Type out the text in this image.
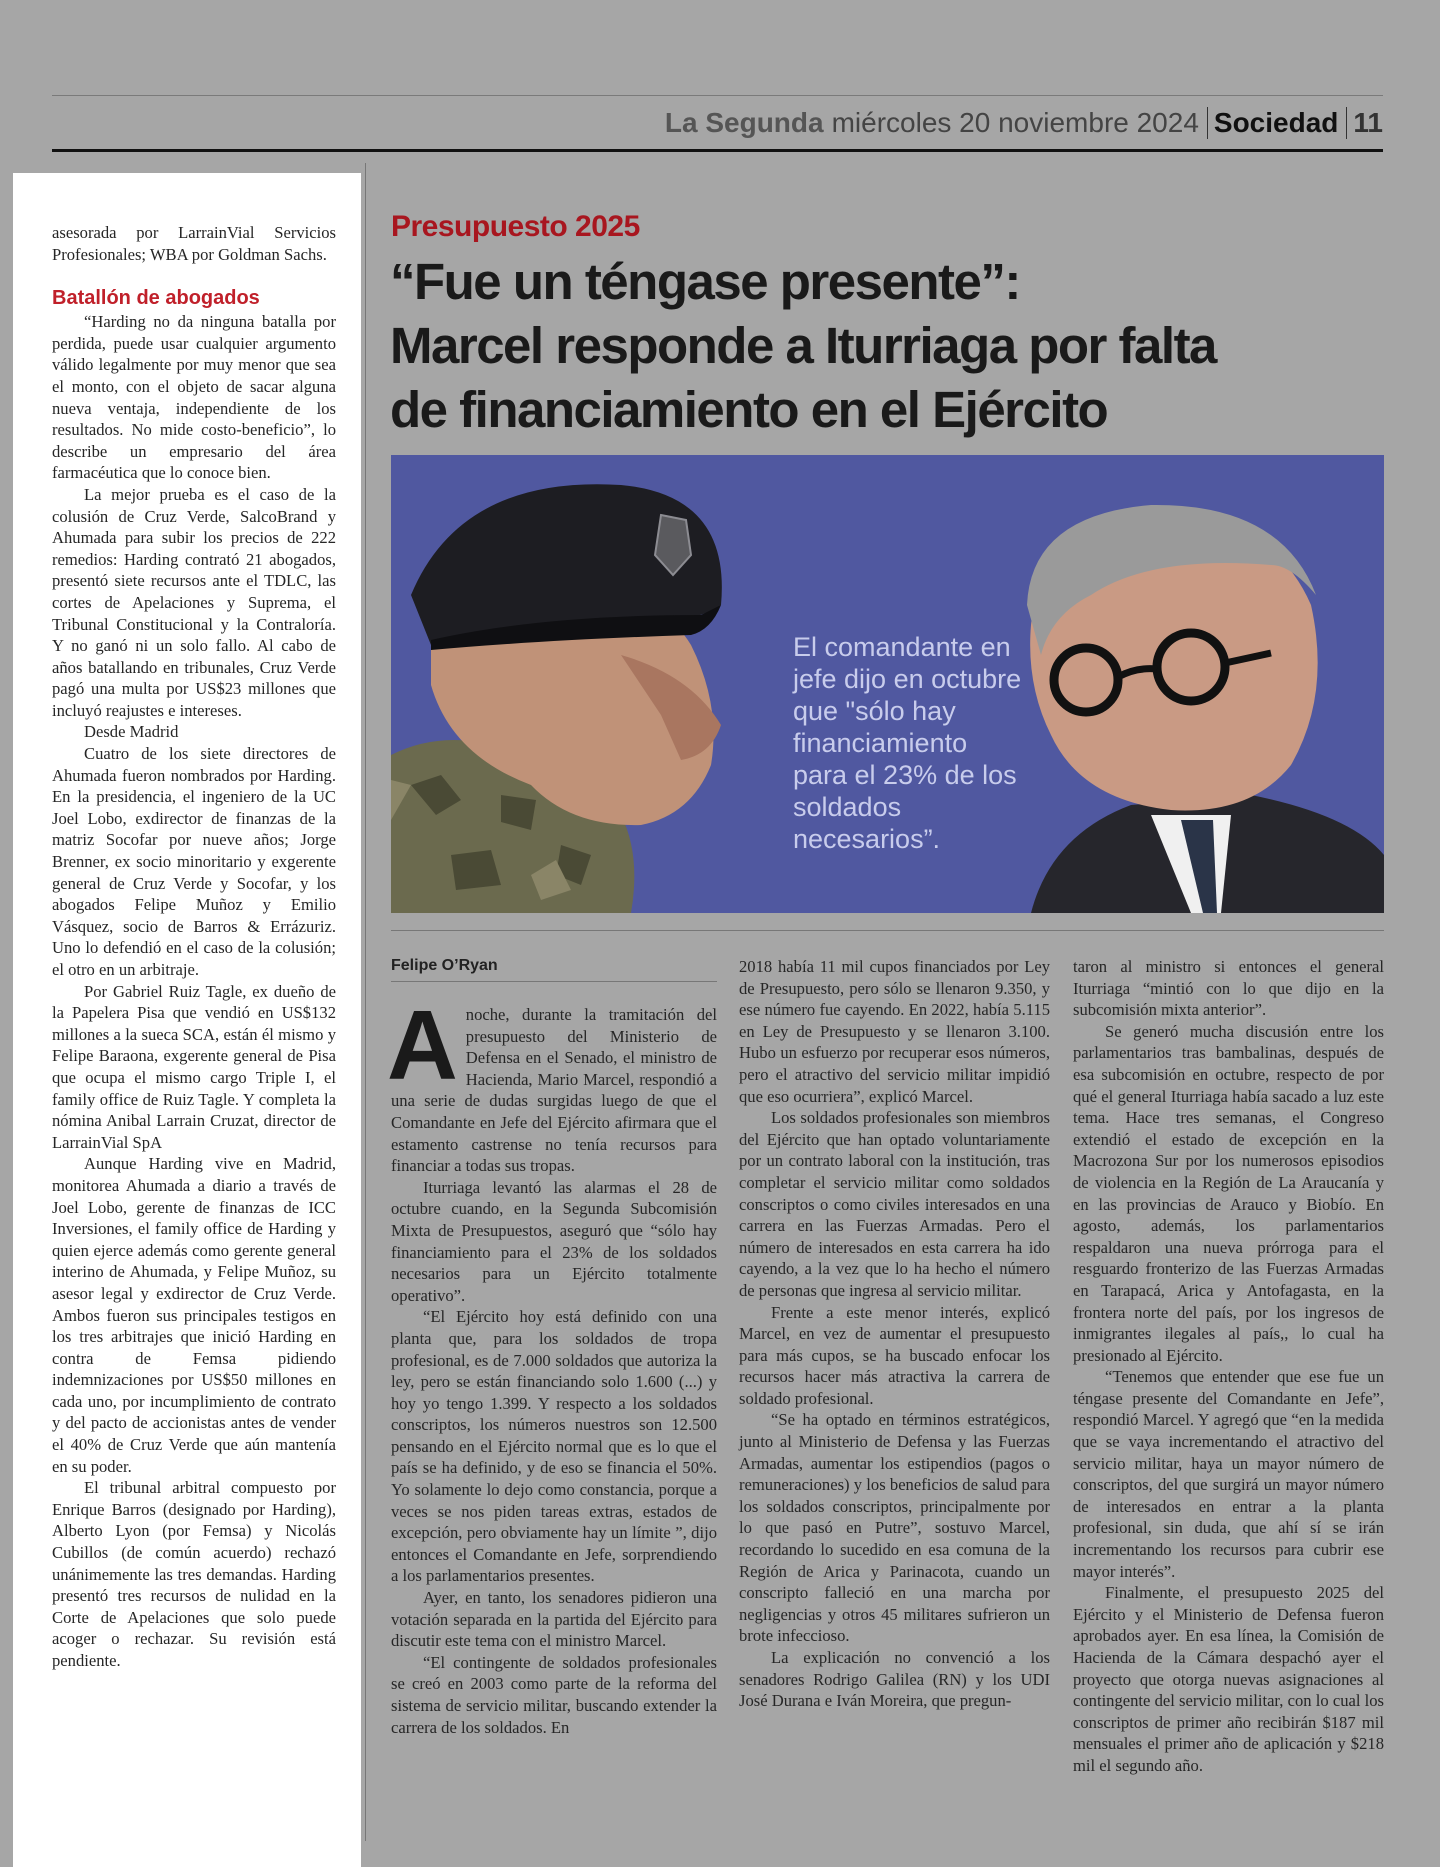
La Segunda miércoles 20 noviembre 2024 Sociedad 11

asesorada por LarrainVial Servicios Profesionales; WBA por Goldman Sachs.

Batallón de abogados

“Harding no da ninguna batalla por perdida, puede usar cualquier argumento válido legalmente por muy menor que sea el monto, con el objeto de sacar alguna nueva ventaja, independiente de los resultados. No mide costo-beneficio”, lo describe un empresario del área farmacéutica que lo conoce bien.

La mejor prueba es el caso de la colusión de Cruz Verde, SalcoBrand y Ahumada para subir los precios de 222 remedios: Harding contrató 21 abogados, presentó siete recursos ante el TDLC, las cortes de Apelaciones y Suprema, el Tribunal Constitucional y la Contraloría. Y no ganó ni un solo fallo. Al cabo de años batallando en tribunales, Cruz Verde pagó una multa por US$23 millones que incluyó reajustes e intereses.

Desde Madrid

Cuatro de los siete directores de Ahumada fueron nombrados por Harding. En la presidencia, el ingeniero de la UC Joel Lobo, exdirector de finanzas de la matriz Socofar por nueve años; Jorge Brenner, ex socio minoritario y exgerente general de Cruz Verde y Socofar, y los abogados Felipe Muñoz y Emilio Vásquez, socio de Barros & Errázuriz. Uno lo defendió en el caso de la colusión; el otro en un arbitraje.

Por Gabriel Ruiz Tagle, ex dueño de la Papelera Pisa que vendió en US$132 millones a la sueca SCA, están él mismo y Felipe Baraona, exgerente general de Pisa que ocupa el mismo cargo Triple I, el family office de Ruiz Tagle. Y completa la nómina Anibal Larrain Cruzat, director de LarrainVial SpA

Aunque Harding vive en Madrid, monitorea Ahumada a diario a través de Joel Lobo, gerente de finanzas de ICC Inversiones, el family office de Harding y quien ejerce además como gerente general interino de Ahumada, y Felipe Muñoz, su asesor legal y exdirector de Cruz Verde. Ambos fueron sus principales testigos en los tres arbitrajes que inició Harding en contra de Femsa pidiendo indemnizaciones por US$50 millones en cada uno, por incumplimiento de contrato y del pacto de accionistas antes de vender el 40% de Cruz Verde que aún mantenía en su poder.

El tribunal arbitral compuesto por Enrique Barros (designado por Harding), Alberto Lyon (por Femsa) y Nicolás Cubillos (de común acuerdo) rechazó unánimemente las tres demandas. Harding presentó tres recursos de nulidad en la Corte de Apelaciones que solo puede acoger o rechazar. Su revisión está pendiente.

Presupuesto 2025
“Fue un téngase presente”:
Marcel responde a Iturriaga por falta
de financiamiento en el Ejército

El comandante en jefe dijo en octubre que "sólo hay financiamiento para el 23% de los soldados necesarios”.

Felipe O’Ryan

Anoche, durante la tramitación del presupuesto del Ministerio de Defensa en el Senado, el ministro de Hacienda, Mario Marcel, respondió a una serie de dudas surgidas luego de que el Comandante en Jefe del Ejército afirmara que el estamento castrense no tenía recursos para financiar a todas sus tropas.

Iturriaga levantó las alarmas el 28 de octubre cuando, en la Segunda Subcomisión Mixta de Presupuestos, aseguró que “sólo hay financiamiento para el 23% de los soldados necesarios para un Ejército totalmente operativo”.

“El Ejército hoy está definido con una planta que, para los soldados de tropa profesional, es de 7.000 soldados que autoriza la ley, pero se están financiando solo 1.600 (...) y hoy yo tengo 1.399. Y respecto a los soldados conscriptos, los números nuestros son 12.500 pensando en el Ejército normal que es lo que el país se ha definido, y de eso se financia el 50%. Yo solamente lo dejo como constancia, porque a veces se nos piden tareas extras, estados de excepción, pero obviamente hay un límite ”, dijo entonces el Comandante en Jefe, sorprendiendo a los parlamentarios presentes.

Ayer, en tanto, los senadores pidieron una votación separada en la partida del Ejército para discutir este tema con el ministro Marcel.

“El contingente de soldados profesionales se creó en 2003 como parte de la reforma del sistema de servicio militar, buscando extender la carrera de los soldados. En

2018 había 11 mil cupos financiados por Ley de Presupuesto, pero sólo se llenaron 9.350, y ese número fue cayendo. En 2022, había 5.115 en Ley de Presupuesto y se llenaron 3.100. Hubo un esfuerzo por recuperar esos números, pero el atractivo del servicio militar impidió que eso ocurriera”, explicó Marcel.

Los soldados profesionales son miembros del Ejército que han optado voluntariamente por un contrato laboral con la institución, tras completar el servicio militar como soldados conscriptos o como civiles interesados en una carrera en las Fuerzas Armadas. Pero el número de interesados en esta carrera ha ido cayendo, a la vez que lo ha hecho el número de personas que ingresa al servicio militar.

Frente a este menor interés, explicó Marcel, en vez de aumentar el presupuesto para más cupos, se ha buscado enfocar los recursos hacer más atractiva la carrera de soldado profesional.

“Se ha optado en términos estratégicos, junto al Ministerio de Defensa y las Fuerzas Armadas, aumentar los estipendios (pagos o remuneraciones) y los beneficios de salud para los soldados conscriptos, principalmente por lo que pasó en Putre”, sostuvo Marcel, recordando lo sucedido en esa comuna de la Región de Arica y Parinacota, cuando un conscripto falleció en una marcha por negligencias y otros 45 militares sufrieron un brote infeccioso.

La explicación no convenció a los senadores Rodrigo Galilea (RN) y los UDI José Durana e Iván Moreira, que pregun-

taron al ministro si entonces el general Iturriaga “mintió con lo que dijo en la subcomisión mixta anterior”.

Se generó mucha discusión entre los parlamentarios tras bambalinas, después de esa subcomisión en octubre, respecto de por qué el general Iturriaga había sacado a luz este tema. Hace tres semanas, el Congreso extendió el estado de excepción en la Macrozona Sur por los numerosos episodios de violencia en la Región de La Araucanía y en las provincias de Arauco y Biobío. En agosto, además, los parlamentarios respaldaron una nueva prórroga para el resguardo fronterizo de las Fuerzas Armadas en Tarapacá, Arica y Antofagasta, en la frontera norte del país, por los ingresos de inmigrantes ilegales al país,, lo cual ha presionado al Ejército.

“Tenemos que entender que ese fue un téngase presente del Comandante en Jefe”, respondió Marcel. Y agregó que “en la medida que se vaya incrementando el atractivo del servicio militar, haya un mayor número de conscriptos, del que surgirá un mayor número de interesados en entrar a la planta profesional, sin duda, que ahí sí se irán incrementando los recursos para cubrir ese mayor interés”.

Finalmente, el presupuesto 2025 del Ejército y el Ministerio de Defensa fueron aprobados ayer. En esa línea, la Comisión de Hacienda de la Cámara despachó ayer el proyecto que otorga nuevas asignaciones al contingente del servicio militar, con lo cual los conscriptos de primer año recibirán $187 mil mensuales el primer año de aplicación y $218 mil el segundo año.
